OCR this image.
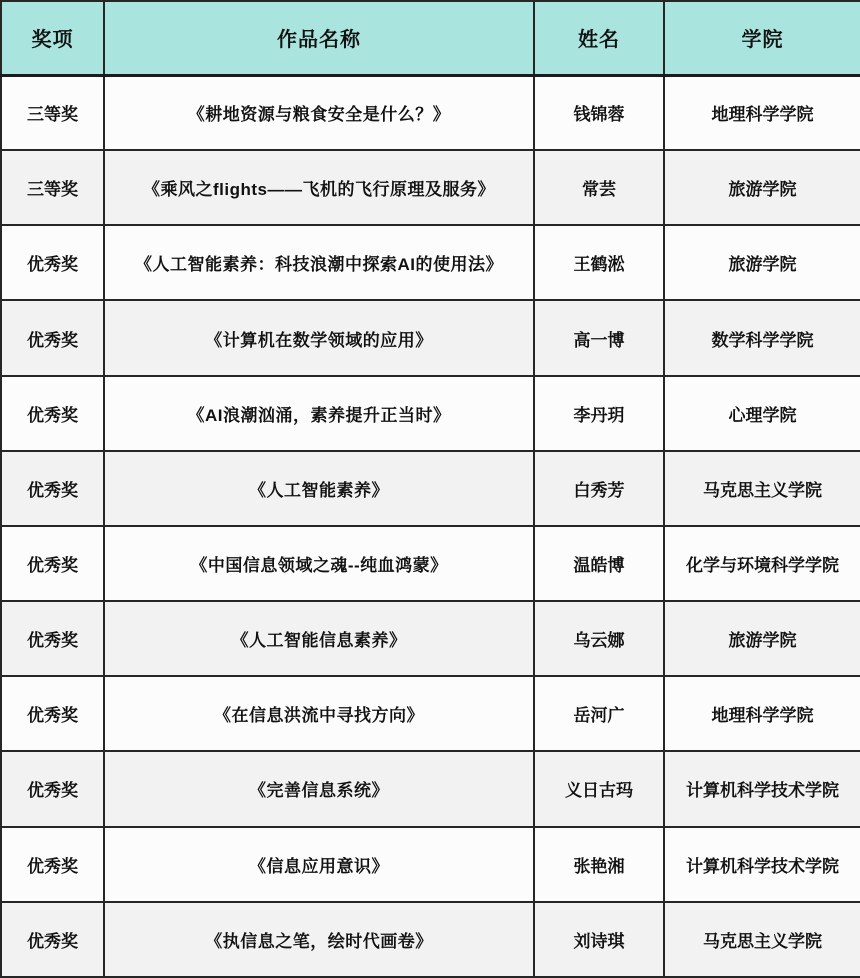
奖项	作品名称	姓名	学院
三等奖	《耕地资源与粮食安全是什么？》	钱锦蓉	地理科学学院
三等奖	《乘风之flights——飞机的飞行原理及服务》	常芸	旅游学院
优秀奖	《人工智能素养：科技浪潮中探索AI的使用法》	王鹤淞	旅游学院
优秀奖	《计算机在数学领域的应用》	高一博	数学科学学院
优秀奖	《AI浪潮汹涌，素养提升正当时》	李丹玥	心理学院
优秀奖	《人工智能素养》	白秀芳	马克思主义学院
优秀奖	《中国信息领域之魂--纯血鸿蒙》	温皓博	化学与环境科学学院
优秀奖	《人工智能信息素养》	乌云娜	旅游学院
优秀奖	《在信息洪流中寻找方向》	岳河广	地理科学学院
优秀奖	《完善信息系统》	义日古玛	计算机科学技术学院
优秀奖	《信息应用意识》	张艳湘	计算机科学技术学院
优秀奖	《执信息之笔，绘时代画卷》	刘诗琪	马克思主义学院
